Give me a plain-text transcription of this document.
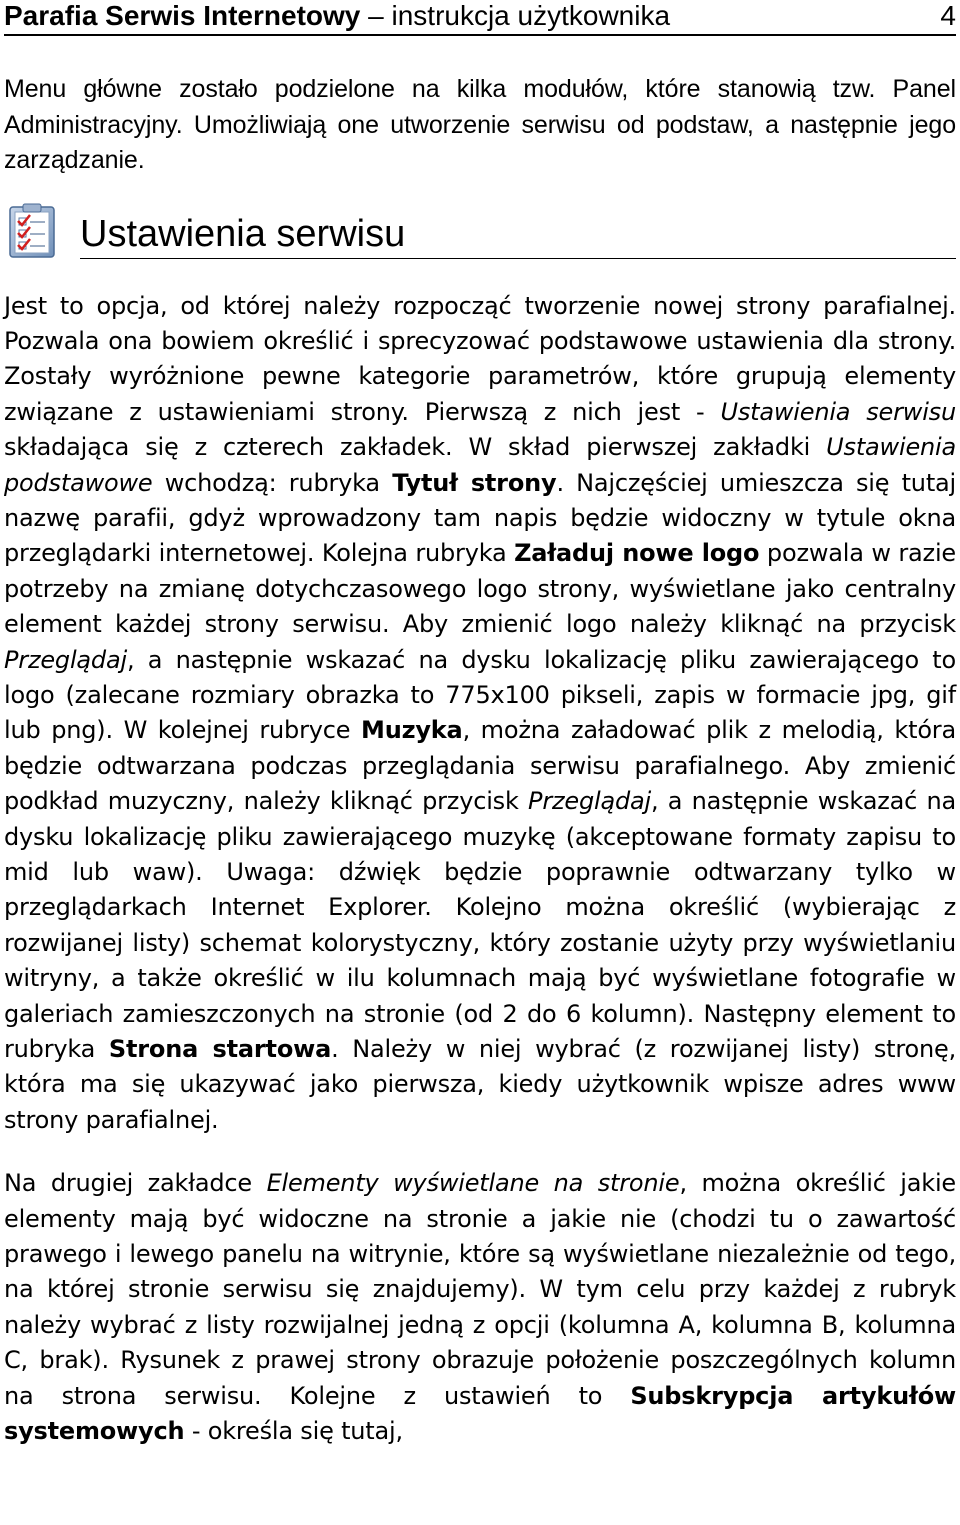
Parafia Serwis Internetowy – instrukcja użytkownika	4

Menu główne zostało podzielone na kilka modułów, które stanowią tzw. Panel Administracyjny. Umożliwiają one utworzenie serwisu od podstaw, a następnie jego zarządzanie.

Ustawienia serwisu

Jest to opcja, od której należy rozpocząć tworzenie nowej strony parafialnej. Pozwala ona bowiem określić i sprecyzować podstawowe ustawienia dla strony. Zostały wyróżnione pewne kategorie parametrów, które grupują elementy związane z ustawieniami strony. Pierwszą z nich jest - Ustawienia serwisu składająca się z czterech zakładek. W skład pierwszej zakładki Ustawienia podstawowe wchodzą: rubryka Tytuł strony. Najczęściej umieszcza się tutaj nazwę parafii, gdyż wprowadzony tam napis będzie widoczny w tytule okna przeglądarki internetowej. Kolejna rubryka Załaduj nowe logo pozwala w razie potrzeby na zmianę dotychczasowego logo strony, wyświetlane jako centralny element każdej strony serwisu. Aby zmienić logo należy kliknąć na przycisk Przeglądaj, a następnie wskazać na dysku lokalizację pliku zawierającego to logo (zalecane rozmiary obrazka to 775x100 pikseli, zapis w formacie jpg, gif lub png). W kolejnej rubryce Muzyka, można załadować plik z melodią, która będzie odtwarzana podczas przeglądania serwisu parafialnego. Aby zmienić podkład muzyczny, należy kliknąć przycisk Przeglądaj, a następnie wskazać na dysku lokalizację pliku zawierającego muzykę (akceptowane formaty zapisu to mid lub waw). Uwaga: dźwięk będzie poprawnie odtwarzany tylko w przeglądarkach Internet Explorer. Kolejno można określić (wybierając z rozwijanej listy) schemat kolorystyczny, który zostanie użyty przy wyświetlaniu witryny, a także określić w ilu kolumnach mają być wyświetlane fotografie w galeriach zamieszczonych na stronie (od 2 do 6 kolumn). Następny element to rubryka Strona startowa. Należy w niej wybrać (z rozwijanej listy) stronę, która ma się ukazywać jako pierwsza, kiedy użytkownik wpisze adres www strony parafialnej.

Na drugiej zakładce Elementy wyświetlane na stronie, można określić jakie elementy mają być widoczne na stronie a jakie nie (chodzi tu o zawartość prawego i lewego panelu na witrynie, które są wyświetlane niezależnie od tego, na której stronie serwisu się znajdujemy). W tym celu przy każdej z rubryk należy wybrać z listy rozwijalnej jedną z opcji (kolumna A, kolumna B, kolumna C, brak). Rysunek z prawej strony obrazuje położenie poszczególnych kolumn na strona serwisu. Kolejne z ustawień to Subskrypcja artykułów systemowych - określa się tutaj,
